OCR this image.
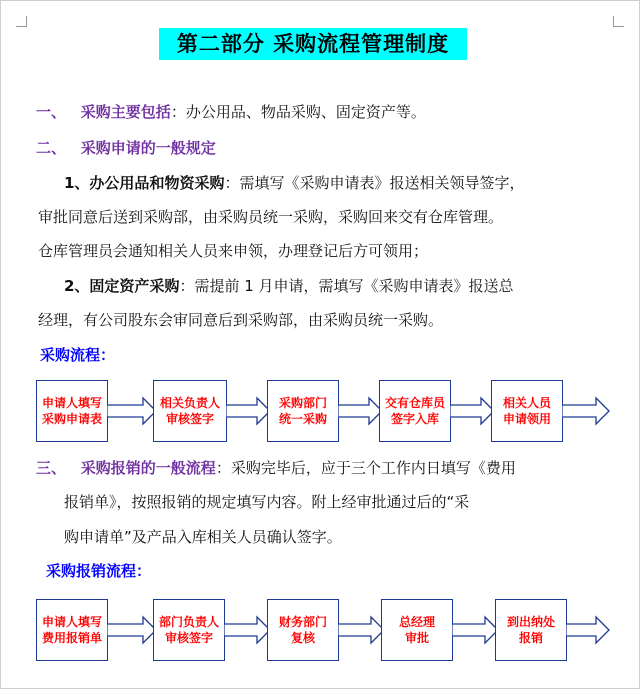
第二部分 采购流程管理制度
一、 采购主要包括：办公用品、物品采购、固定资产等。
二、 采购申请的一般规定
1、办公用品和物资采购：需填写《采购申请表》报送相关领导签字，
审批同意后送到采购部，由采购员统一采购，采购回来交有仓库管理。
仓库管理员会通知相关人员来申领，办理登记后方可领用；
2、固定资产采购：需提前 1 月申请，需填写《采购申请表》报送总
经理，有公司股东会审同意后到采购部，由采购员统一采购。
采购流程：
申请人填写
采购申请表
相关负责人
审核签字
采购部门
统一采购
交有仓库员
签字入库
相关人员
申请领用
三、 采购报销的一般流程：采购完毕后，应于三个工作内日填写《费用
报销单》，按照报销的规定填写内容。附上经审批通过后的“采
购申请单”及产品入库相关人员确认签字。
采购报销流程：
申请人填写
费用报销单
部门负责人
审核签字
财务部门
复核
总经理
审批
到出纳处
报销
